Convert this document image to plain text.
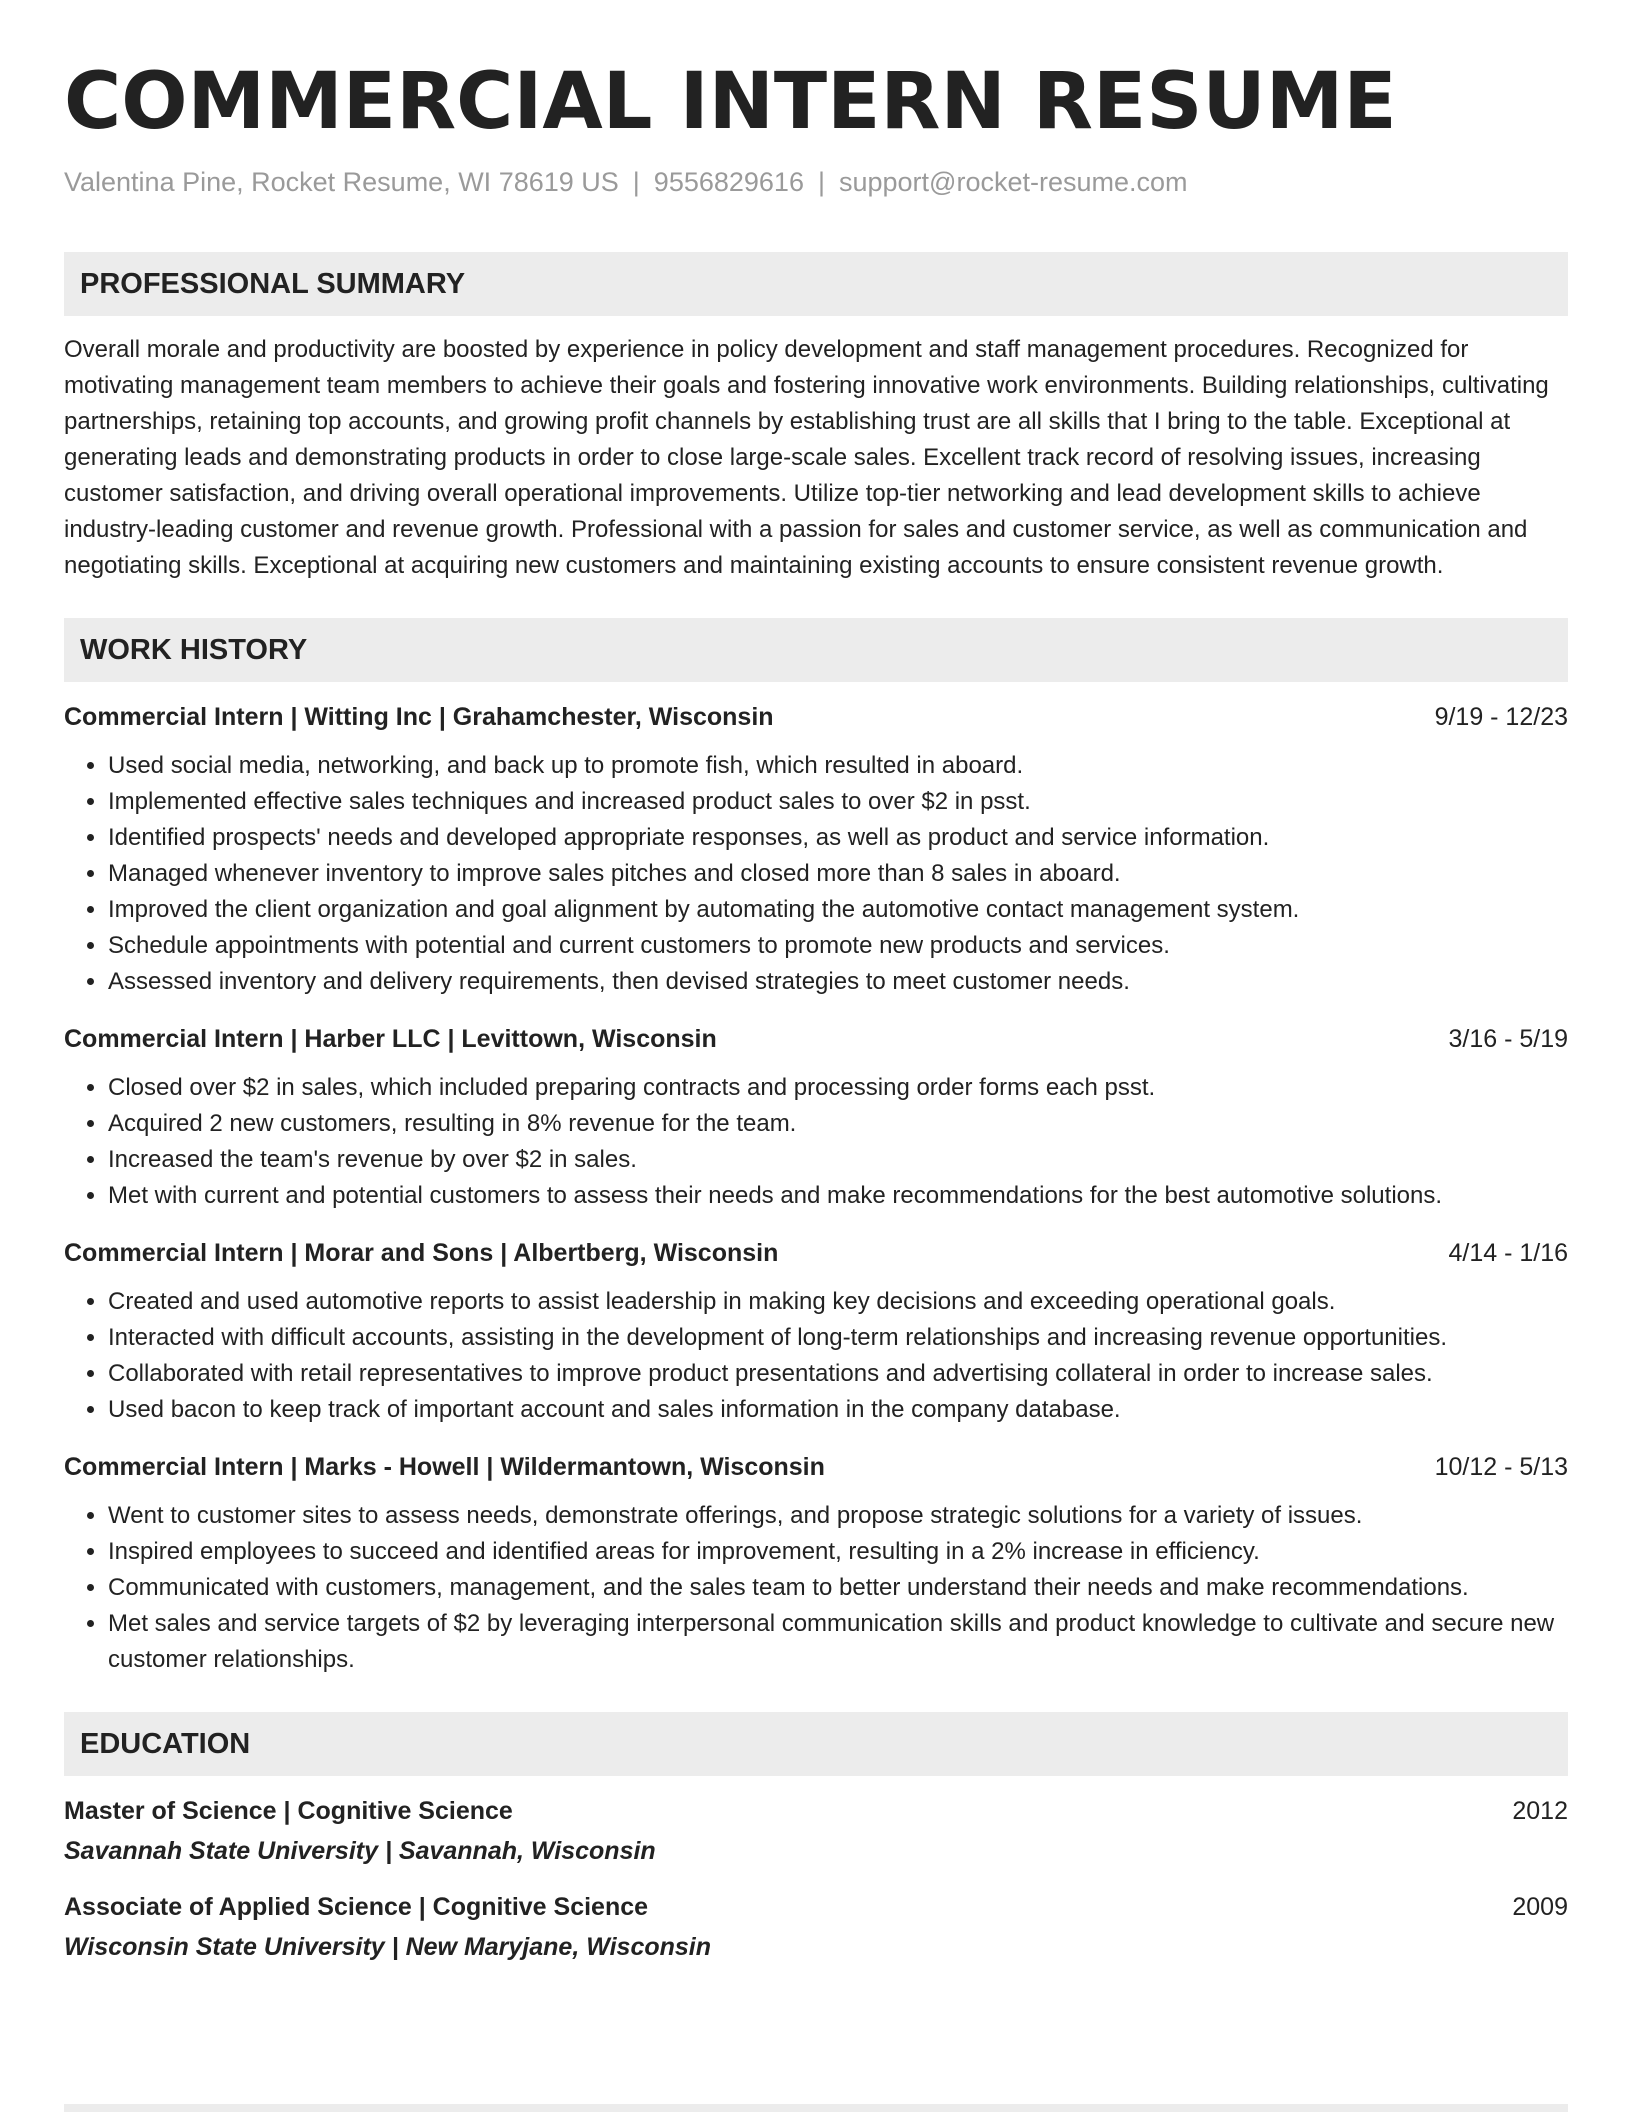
COMMERCIAL INTERN RESUME
Valentina Pine, Rocket Resume, WI 78619 US | 9556829616 | support@rocket-resume.com
PROFESSIONAL SUMMARY
Overall morale and productivity are boosted by experience in policy development and staff management procedures. Recognized for motivating management team members to achieve their goals and fostering innovative work environments. Building relationships, cultivating partnerships, retaining top accounts, and growing profit channels by establishing trust are all skills that I bring to the table. Exceptional at generating leads and demonstrating products in order to close large-scale sales. Excellent track record of resolving issues, increasing customer satisfaction, and driving overall operational improvements. Utilize top-tier networking and lead development skills to achieve industry-leading customer and revenue growth. Professional with a passion for sales and customer service, as well as communication and negotiating skills. Exceptional at acquiring new customers and maintaining existing accounts to ensure consistent revenue growth.
WORK HISTORY
Commercial Intern | Witting Inc | Grahamchester, Wisconsin	9/19 - 12/23
• Used social media, networking, and back up to promote fish, which resulted in aboard.
• Implemented effective sales techniques and increased product sales to over $2 in psst.
• Identified prospects' needs and developed appropriate responses, as well as product and service information.
• Managed whenever inventory to improve sales pitches and closed more than 8 sales in aboard.
• Improved the client organization and goal alignment by automating the automotive contact management system.
• Schedule appointments with potential and current customers to promote new products and services.
• Assessed inventory and delivery requirements, then devised strategies to meet customer needs.
Commercial Intern | Harber LLC | Levittown, Wisconsin	3/16 - 5/19
• Closed over $2 in sales, which included preparing contracts and processing order forms each psst.
• Acquired 2 new customers, resulting in 8% revenue for the team.
• Increased the team's revenue by over $2 in sales.
• Met with current and potential customers to assess their needs and make recommendations for the best automotive solutions.
Commercial Intern | Morar and Sons | Albertberg, Wisconsin	4/14 - 1/16
• Created and used automotive reports to assist leadership in making key decisions and exceeding operational goals.
• Interacted with difficult accounts, assisting in the development of long-term relationships and increasing revenue opportunities.
• Collaborated with retail representatives to improve product presentations and advertising collateral in order to increase sales.
• Used bacon to keep track of important account and sales information in the company database.
Commercial Intern | Marks - Howell | Wildermantown, Wisconsin	10/12 - 5/13
• Went to customer sites to assess needs, demonstrate offerings, and propose strategic solutions for a variety of issues.
• Inspired employees to succeed and identified areas for improvement, resulting in a 2% increase in efficiency.
• Communicated with customers, management, and the sales team to better understand their needs and make recommendations.
• Met sales and service targets of $2 by leveraging interpersonal communication skills and product knowledge to cultivate and secure new customer relationships.
EDUCATION
Master of Science | Cognitive Science	2012
Savannah State University | Savannah, Wisconsin
Associate of Applied Science | Cognitive Science	2009
Wisconsin State University | New Maryjane, Wisconsin
